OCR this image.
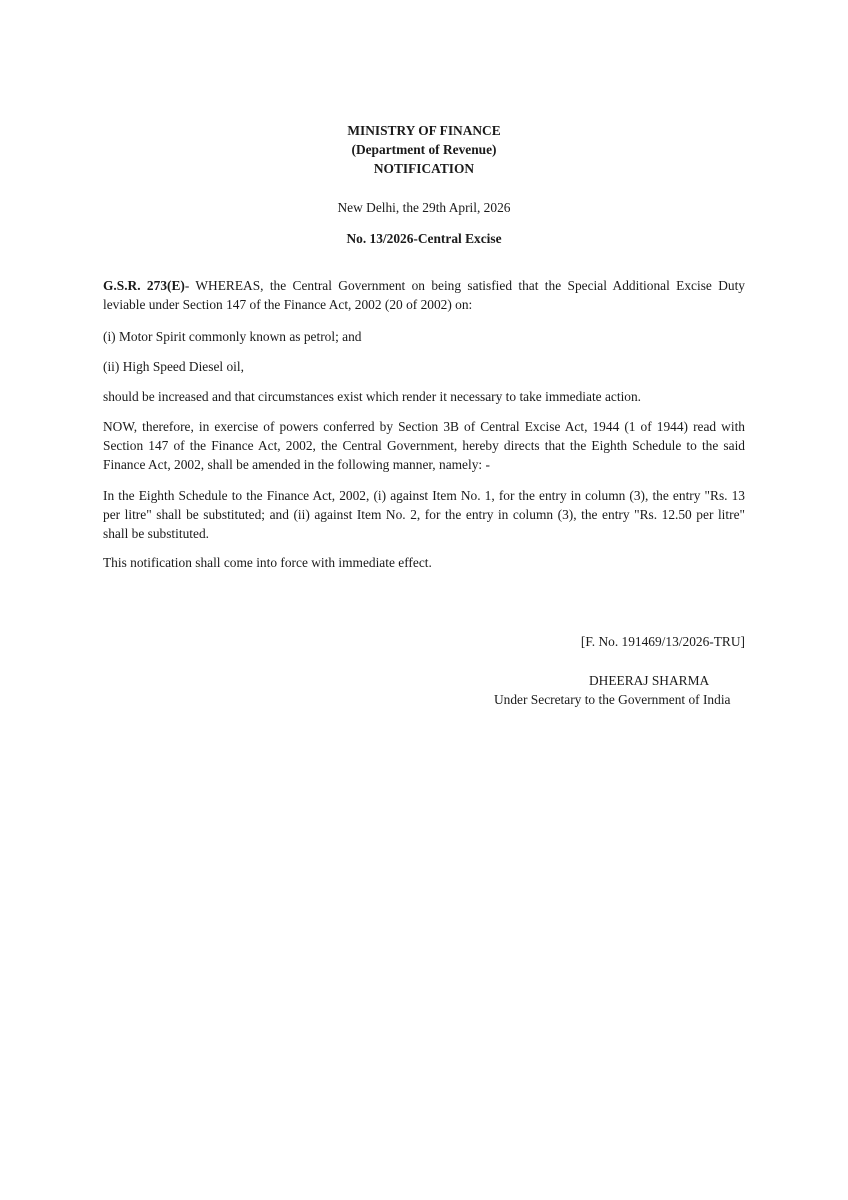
MINISTRY OF FINANCE
(Department of Revenue)
NOTIFICATION
New Delhi, the 29th April, 2026
No. 13/2026-Central Excise
G.S.R. 273(E)- WHEREAS, the Central Government on being satisfied that the Special Additional Excise Duty leviable under Section 147 of the Finance Act, 2002 (20 of 2002) on:
(i) Motor Spirit commonly known as petrol; and
(ii) High Speed Diesel oil,
should be increased and that circumstances exist which render it necessary to take immediate action.
NOW, therefore, in exercise of powers conferred by Section 3B of Central Excise Act, 1944 (1 of 1944) read with Section 147 of the Finance Act, 2002, the Central Government, hereby directs that the Eighth Schedule to the said Finance Act, 2002, shall be amended in the following manner, namely: -
In the Eighth Schedule to the Finance Act, 2002, (i) against Item No. 1, for the entry in column (3), the entry "Rs. 13 per litre" shall be substituted; and (ii) against Item No. 2, for the entry in column (3), the entry "Rs. 12.50 per litre" shall be substituted.
This notification shall come into force with immediate effect.
[F. No. 191469/13/2026-TRU]
DHEERAJ SHARMA
Under Secretary to the Government of India
